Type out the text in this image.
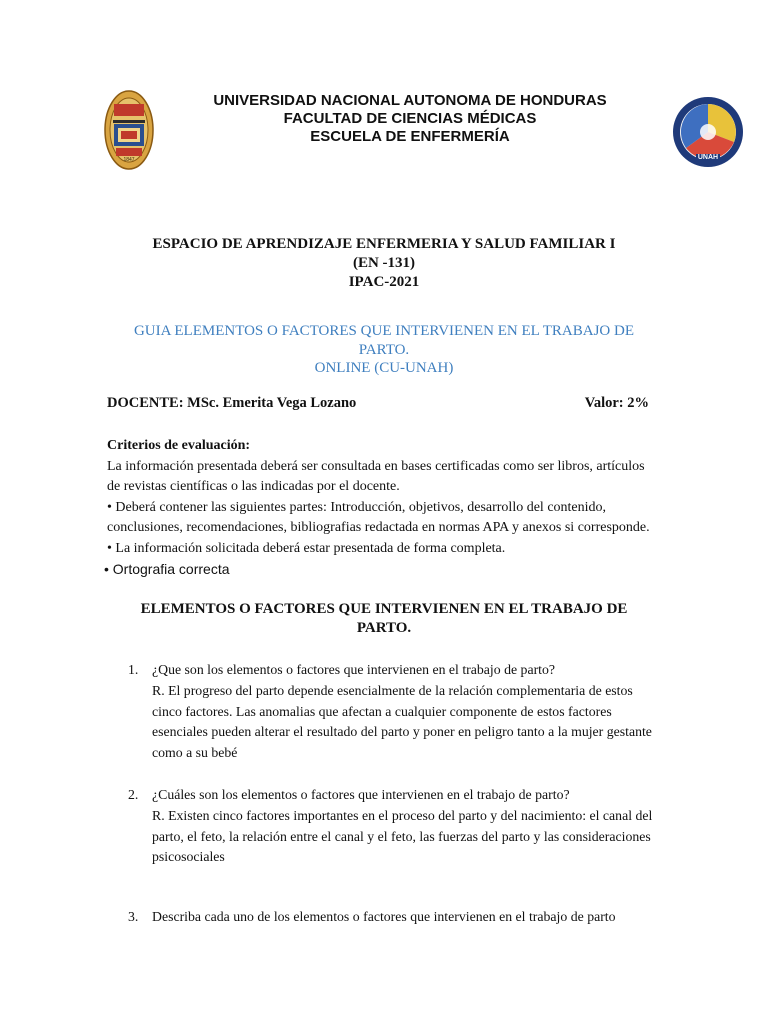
1847	UNAH
UNIVERSIDAD NACIONAL AUTONOMA DE HONDURAS
FACULTAD DE CIENCIAS MÉDICAS
ESCUELA DE ENFERMERÍA
ESPACIO DE APRENDIZAJE ENFERMERIA Y SALUD FAMILIAR I
(EN -131)
IPAC-2021
GUIA ELEMENTOS O FACTORES QUE INTERVIENEN EN EL TRABAJO DE
PARTO.
ONLINE (CU-UNAH)
DOCENTE: MSc. Emerita Vega Lozano	Valor: 2%

Criterios de evaluación:

La información presentada deberá ser consultada en bases certificadas como ser libros, artículos de revistas científicas o las indicadas por el docente.

• Deberá contener las siguientes partes: Introducción, objetivos, desarrollo del contenido, conclusiones, recomendaciones, bibliografias redactada en normas APA y anexos si corresponde.

• La información solicitada deberá estar presentada de forma completa.

• Ortografia correcta

ELEMENTOS O FACTORES QUE INTERVIENEN EN EL TRABAJO DE
PARTO.
1. ¿Que son los elementos o factores que intervienen en el trabajo de parto?
R. El progreso del parto depende esencialmente de la relación complementaria de estos cinco factores. Las anomalias que afectan a cualquier componente de estos factores esenciales pueden alterar el resultado del parto y poner en peligro tanto a la mujer gestante como a su bebé
2. ¿Cuáles son los elementos o factores que intervienen en el trabajo de parto?
R. Existen cinco factores importantes en el proceso del parto y del nacimiento: el canal del parto, el feto, la relación entre el canal y el feto, las fuerzas del parto y las consideraciones psicosociales
3. Describa cada uno de los elementos o factores que intervienen en el trabajo de parto
